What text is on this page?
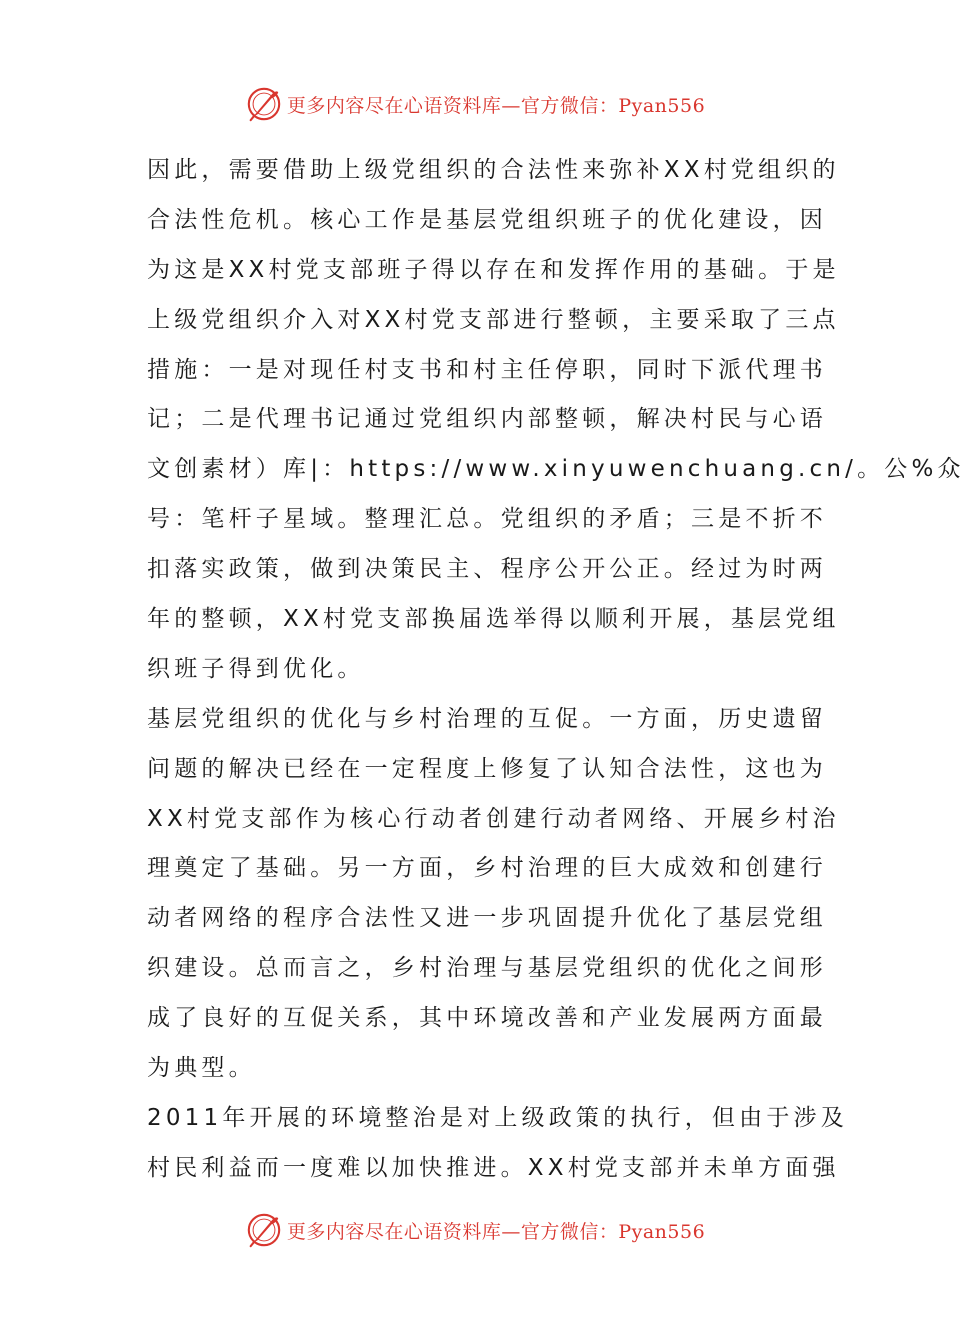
更多内容尽在心语资料库—官方微信：Pyan556
因此，需要借助上级党组织的合法性来弥补XX村党组织的
合法性危机。核心工作是基层党组织班子的优化建设，因
为这是XX村党支部班子得以存在和发挥作用的基础。于是
上级党组织介入对XX村党支部进行整顿，主要采取了三点
措施：一是对现任村支书和村主任停职，同时下派代理书
记；二是代理书记通过党组织内部整顿，解决村民与心语
文创素材）库|：https://www.xinyuwenchuang.cn/。公%众
号：笔杆子星域。整理汇总。党组织的矛盾；三是不折不
扣落实政策，做到决策民主、程序公开公正。经过为时两
年的整顿，XX村党支部换届选举得以顺利开展，基层党组
织班子得到优化。
基层党组织的优化与乡村治理的互促。一方面，历史遗留
问题的解决已经在一定程度上修复了认知合法性，这也为
XX村党支部作为核心行动者创建行动者网络、开展乡村治
理奠定了基础。另一方面，乡村治理的巨大成效和创建行
动者网络的程序合法性又进一步巩固提升优化了基层党组
织建设。总而言之，乡村治理与基层党组织的优化之间形
成了良好的互促关系，其中环境改善和产业发展两方面最
为典型。
2011年开展的环境整治是对上级政策的执行，但由于涉及
村民利益而一度难以加快推进。XX村党支部并未单方面强
更多内容尽在心语资料库—官方微信：Pyan556
